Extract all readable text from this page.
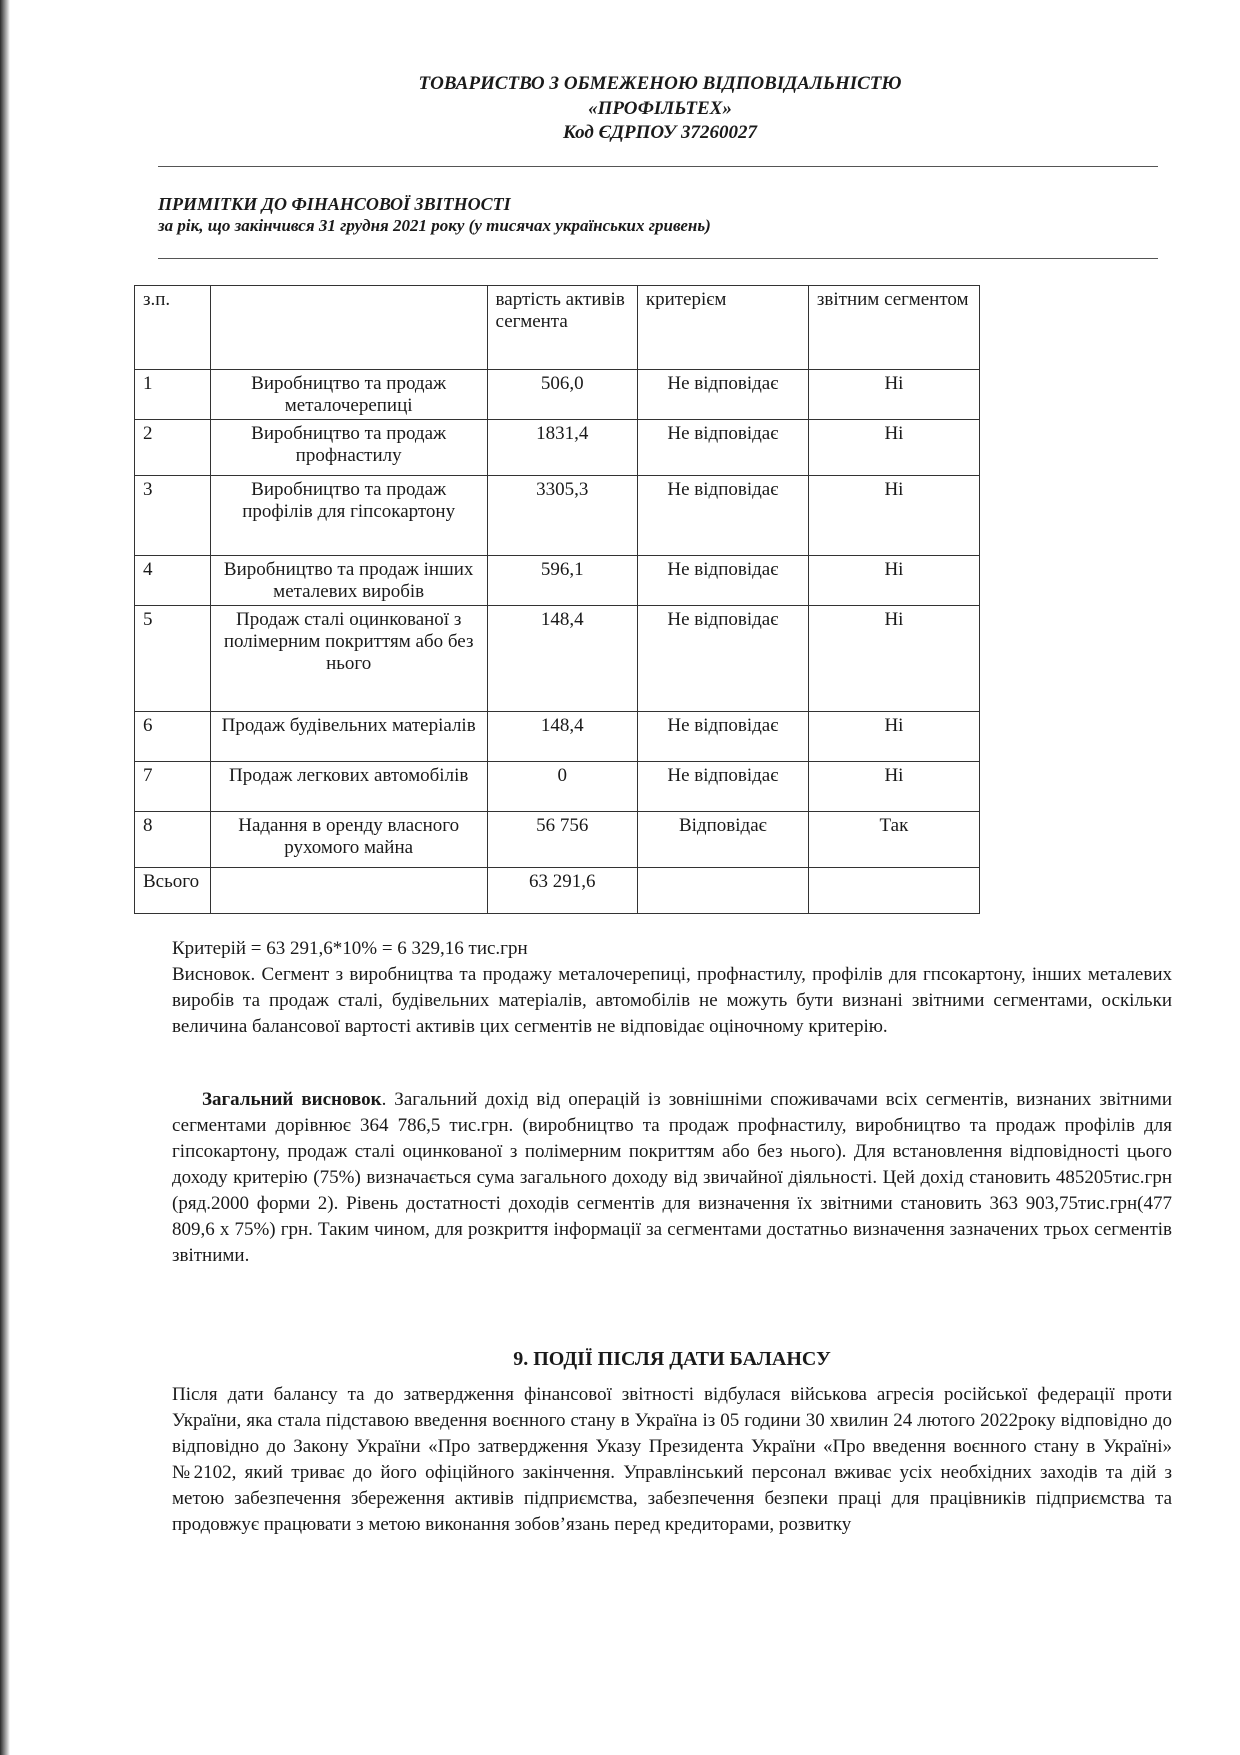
ТОВАРИСТВО З ОБМЕЖЕНОЮ ВІДПОВІДАЛЬНІСТЮ
«ПРОФІЛЬТЕХ»
Код ЄДРПОУ 37260027
ПРИМІТКИ ДО ФІНАНСОВОЇ ЗВІТНОСТІ
за рік, що закінчився 31 грудня 2021 року (у тисячах українських гривень)
з.п.		вартість активів сегмента	критерієм	звітним сегментом
1	Виробництво та продаж металочерепиці	506,0	Не відповідає	Ні
2	Виробництво та продаж профнастилу	1831,4	Не відповідає	Ні
3	Виробництво та продаж профілів для гіпсокартону	3305,3	Не відповідає	Ні
4	Виробництво та продаж інших металевих виробів	596,1	Не відповідає	Ні
5	Продаж сталі оцинкованої з полімерним покриттям або без нього	148,4	Не відповідає	Ні
6	Продаж будівельних матеріалів	148,4	Не відповідає	Ні
7	Продаж легкових автомобілів	0	Не відповідає	Ні
8	Надання в оренду власного рухомого майна	56 756	Відповідає	Так
Всього		63 291,6		
Критерій = 63 291,6*10% = 6 329,16 тис.грн
Висновок. Сегмент з виробництва та продажу металочерепиці, профнастилу, профілів для гпсокартону, інших металевих виробів та продаж сталі, будівельних матеріалів, автомобілів не можуть бути визнані звітними сегментами, оскільки величина балансової вартості активів цих сегментів не відповідає оціночному критерію.
Загальний висновок. Загальний дохід від операцій із зовнішніми споживачами всіх сегментів, визнаних звітними сегментами дорівнює 364 786,5 тис.грн. (виробництво та продаж профнастилу, виробництво та продаж профілів для гіпсокартону, продаж сталі оцинкованої з полімерним покриттям або без нього). Для встановлення відповідності цього доходу критерію (75%) визначається сума загального доходу від звичайної діяльності. Цей дохід становить 485205тис.грн (ряд.2000 форми 2). Рівень достатності доходів сегментів для визначення їх звітними становить 363 903,75тис.грн(477 809,6 х 75%) грн. Таким чином, для розкриття інформації за сегментами достатньо визначення зазначених трьох сегментів звітними.
9. ПОДІЇ ПІСЛЯ ДАТИ БАЛАНСУ
Після дати балансу та до затвердження фінансової звітності відбулася військова агресія російської федерації проти України, яка стала підставою введення воєнного стану в Україна із 05 години 30 хвилин 24 лютого 2022року відповідно до відповідно до Закону України «Про затвердження Указу Президента України «Про введення воєнного стану в Україні» №2102, який триває до його офіційного закінчення. Управлінський персонал вживає усіх необхідних заходів та дій з метою забезпечення збереження активів підприємства, забезпечення безпеки праці для працівників підприємства та продовжує працювати з метою виконання зобов’язань перед кредиторами, розвитку
